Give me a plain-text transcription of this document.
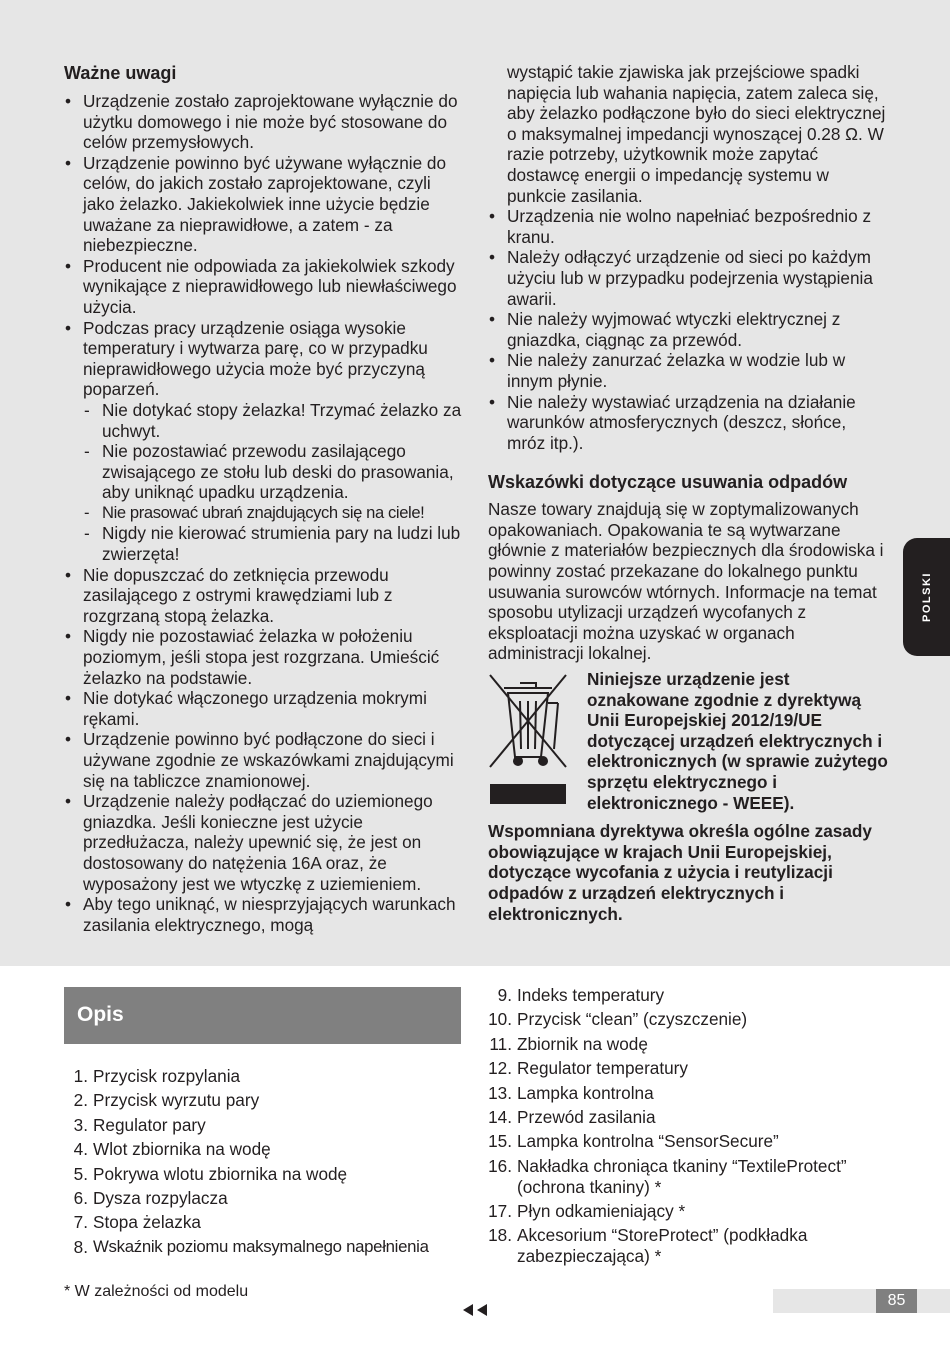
Ważne uwagi
• Urządzenie zostało zaprojektowane wyłącznie do użytku domowego i nie może być stosowane do celów przemysłowych.
• Urządzenie powinno być używane wyłącznie do celów, do jakich zostało zaprojektowane, czyli jako żelazko. Jakiekolwiek inne użycie będzie uważane za nieprawidłowe, a zatem - za niebezpieczne.
• Producent nie odpowiada za jakiekolwiek szkody wynikające z nieprawidłowego lub niewłaściwego użycia.
• Podczas pracy urządzenie osiąga wysokie temperatury i wytwarza parę, co w przypadku nieprawidłowego użycia może być przyczyną poparzeń.
- Nie dotykać stopy żelazka! Trzymać żelazko za uchwyt.
- Nie pozostawiać przewodu zasilającego zwisającego ze stołu lub deski do prasowania, aby uniknąć upadku urządzenia.
- Nie prasować ubrań znajdujących się na ciele!
- Nigdy nie kierować strumienia pary na ludzi lub zwierzęta!
• Nie dopuszczać do zetknięcia przewodu zasilającego z ostrymi krawędziami lub z rozgrzaną stopą żelazka.
• Nigdy nie pozostawiać żelazka w położeniu poziomym, jeśli stopa jest rozgrzana. Umieścić żelazko na podstawie.
• Nie dotykać włączonego urządzenia mokrymi rękami.
• Urządzenie powinno być podłączone do sieci i używane zgodnie ze wskazówkami znajdującymi się na tabliczce znamionowej.
• Urządzenie należy podłączać do uziemionego gniazdka. Jeśli konieczne jest użycie przedłużacza, należy upewnić się, że jest on dostosowany do natężenia 16A oraz, że wyposażony jest we wtyczkę z uziemieniem.
• Aby tego uniknąć, w niesprzyjających warunkach zasilania elektrycznego, mogą

wystąpić takie zjawiska jak przejściowe spadki napięcia lub wahania napięcia, zatem zaleca się, aby żelazko podłączone było do sieci elektrycznej o maksymalnej impedancji wynoszącej 0.28 Ω. W razie potrzeby, użytkownik może zapytać dostawcę energii o impedancję systemu w punkcie zasilania.

• Urządzenia nie wolno napełniać bezpośrednio z kranu.
• Należy odłączyć urządzenie od sieci po każdym użyciu lub w przypadku podejrzenia wystąpienia awarii.
• Nie należy wyjmować wtyczki elektrycznej z gniazdka, ciągnąc za przewód.
• Nie należy zanurzać żelazka w wodzie lub w innym płynie.
• Nie należy wystawiać urządzenia na działanie warunków atmosferycznych (deszcz, słońce, mróz itp.).
Wskazówki dotyczące usuwania odpadów

Nasze towary znajdują się w zoptymalizowanych opakowaniach. Opakowania te są wytwarzane głównie z materiałów bezpiecznych dla środowiska i powinny zostać przekazane do lokalnego punktu usuwania surowców wtórnych. Informacje na temat sposobu utylizacji urządzeń wycofanych z eksploatacji można uzyskać w organach administracji lokalnej.

Niniejsze urządzenie jest oznakowane zgodnie z dyrektywą Unii Europejskiej 2012/19/UE dotyczącej urządzeń elektrycznych i elektronicznych (w sprawie zużytego sprzętu elektrycznego i elektronicznego - WEEE).

Wspomniana dyrektywa określa ogólne zasady obowiązujące w krajach Unii Europejskiej, dotyczące wycofania z użycia i reutylizacji odpadów z urządzeń elektrycznych i elektronicznych.

POLSKI
Opis
1. Przycisk rozpylania
2. Przycisk wyrzutu pary
3. Regulator pary
4. Wlot zbiornika na wodę
5. Pokrywa wlotu zbiornika na wodę
6. Dysza rozpylacza
7. Stopa żelazka
8. Wskaźnik poziomu maksymalnego napełnienia
9. Indeks temperatury
10. Przycisk “clean” (czyszczenie)
11. Zbiornik na wodę
12. Regulator temperatury
13. Lampka kontrolna
14. Przewód zasilania
15. Lampka kontrolna “SensorSecure”
16. Nakładka chroniąca tkaniny “TextileProtect” (ochrona tkaniny) *
17. Płyn odkamieniający *
18. Akcesorium “StoreProtect” (podkładka zabezpieczająca) *
* W zależności od modelu
85
